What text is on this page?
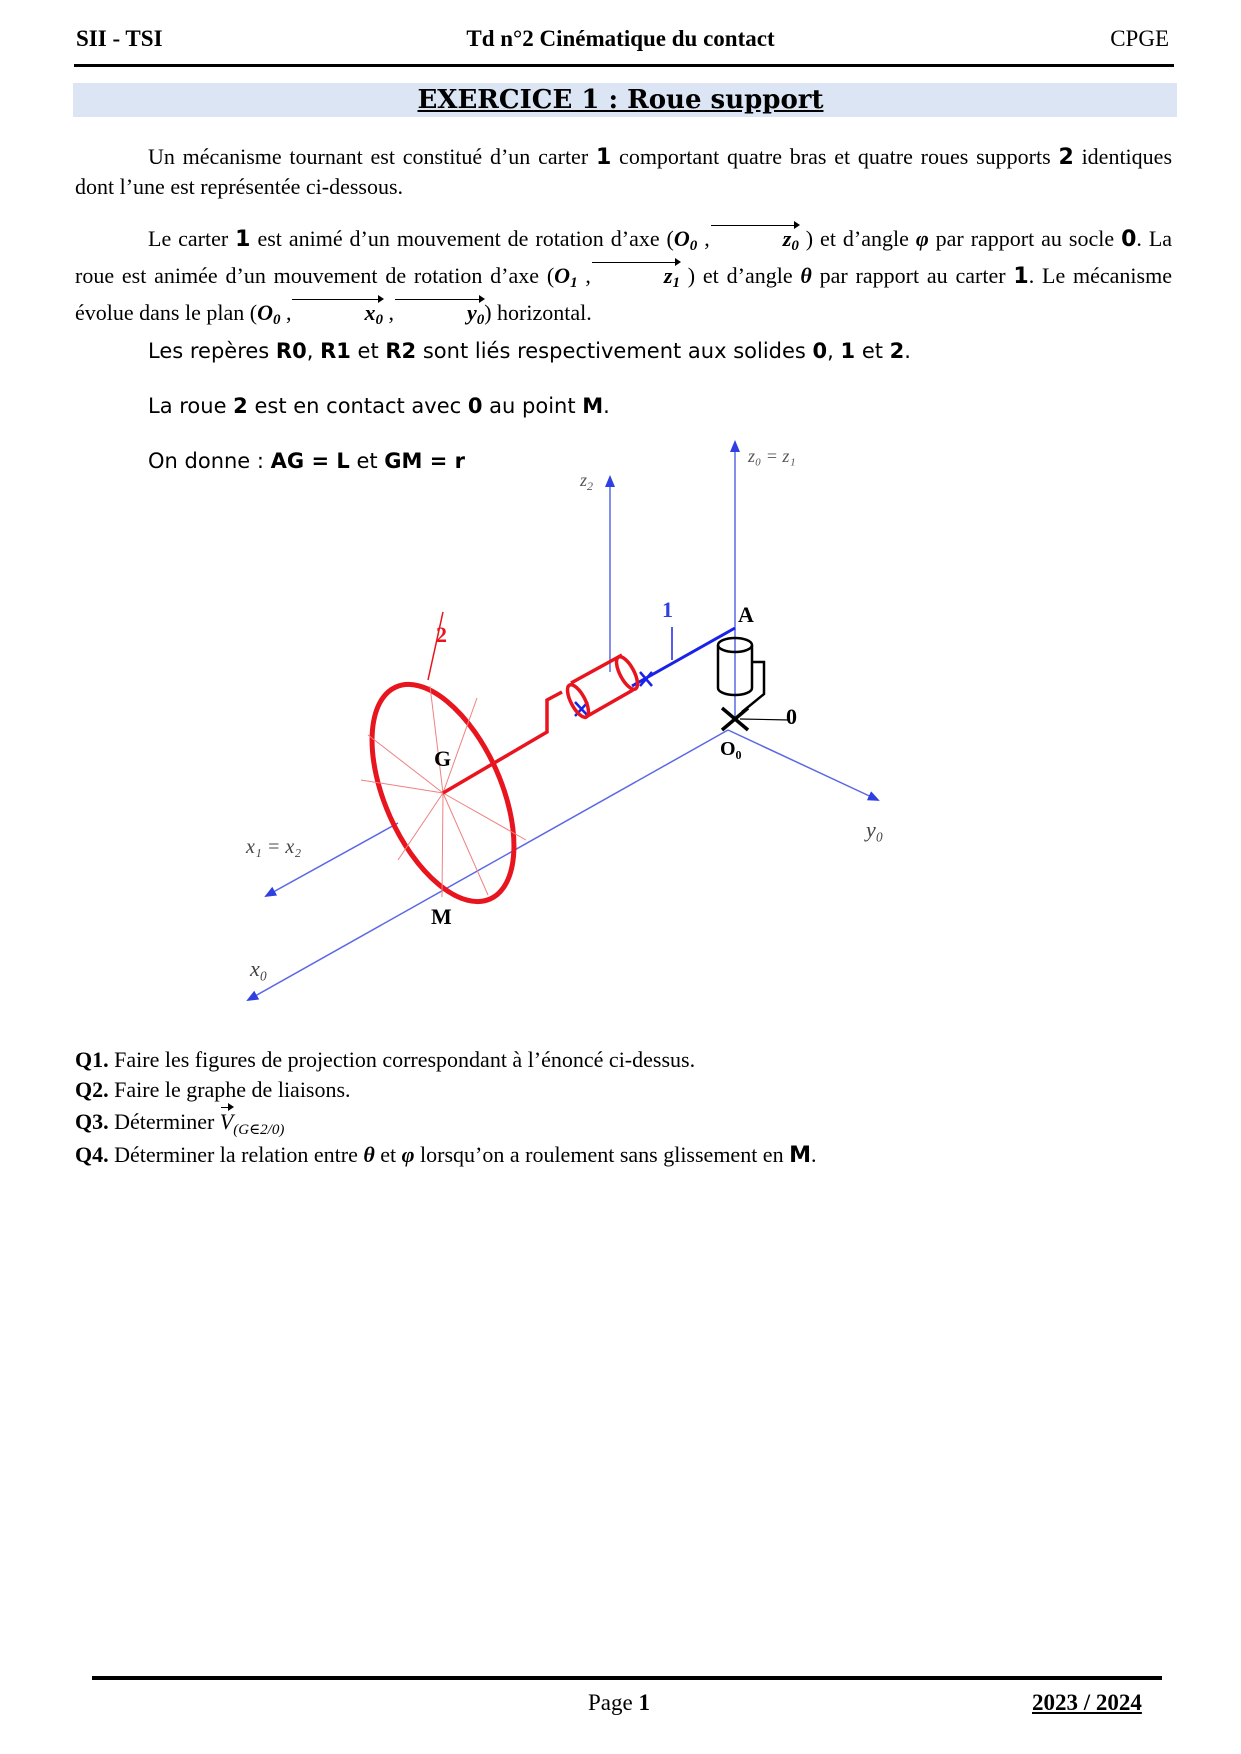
SII - TSI	Td n°2 Cinématique du contact	CPGE
EXERCICE 1 : Roue support
Un mécanisme tournant est constitué d’un carter 1 comportant quatre bras et quatre roues supports 2 identiques dont l’une est représentée ci-dessous.
Le carter 1 est animé d’un mouvement de rotation d’axe ($O_0$ ,	$z_0$ ) et d’angle φ par rapport au socle 0. La roue est animée d’un mouvement de rotation d’axe ($O_1$ ,	$z_1$ ) et d’angle θ par rapport au carter 1. Le mécanisme évolue dans le plan ($O_0$ ,	$x_0$ ,	$y_0$) horizontal.
Les repères R0, R1 et R2 sont liés respectivement aux solides 0, 1 et 2.
La roue 2 est en contact avec 0 au point M.
On donne : AG = L et GM = r
$z_2$
z₀ = z₁
1	A
2
0
O₀
G
y₀
x₁ = x₂
M
x₀
Q1. Faire les figures de projection correspondant à l’énoncé ci-dessus.
Q2. Faire le graphe de liaisons.
Q3. Déterminer $V_{(G\in 2/0)}$
Q4. Déterminer la relation entre θ et φ lorsqu’on a roulement sans glissement en M.
Page 1	2023 / 2024
